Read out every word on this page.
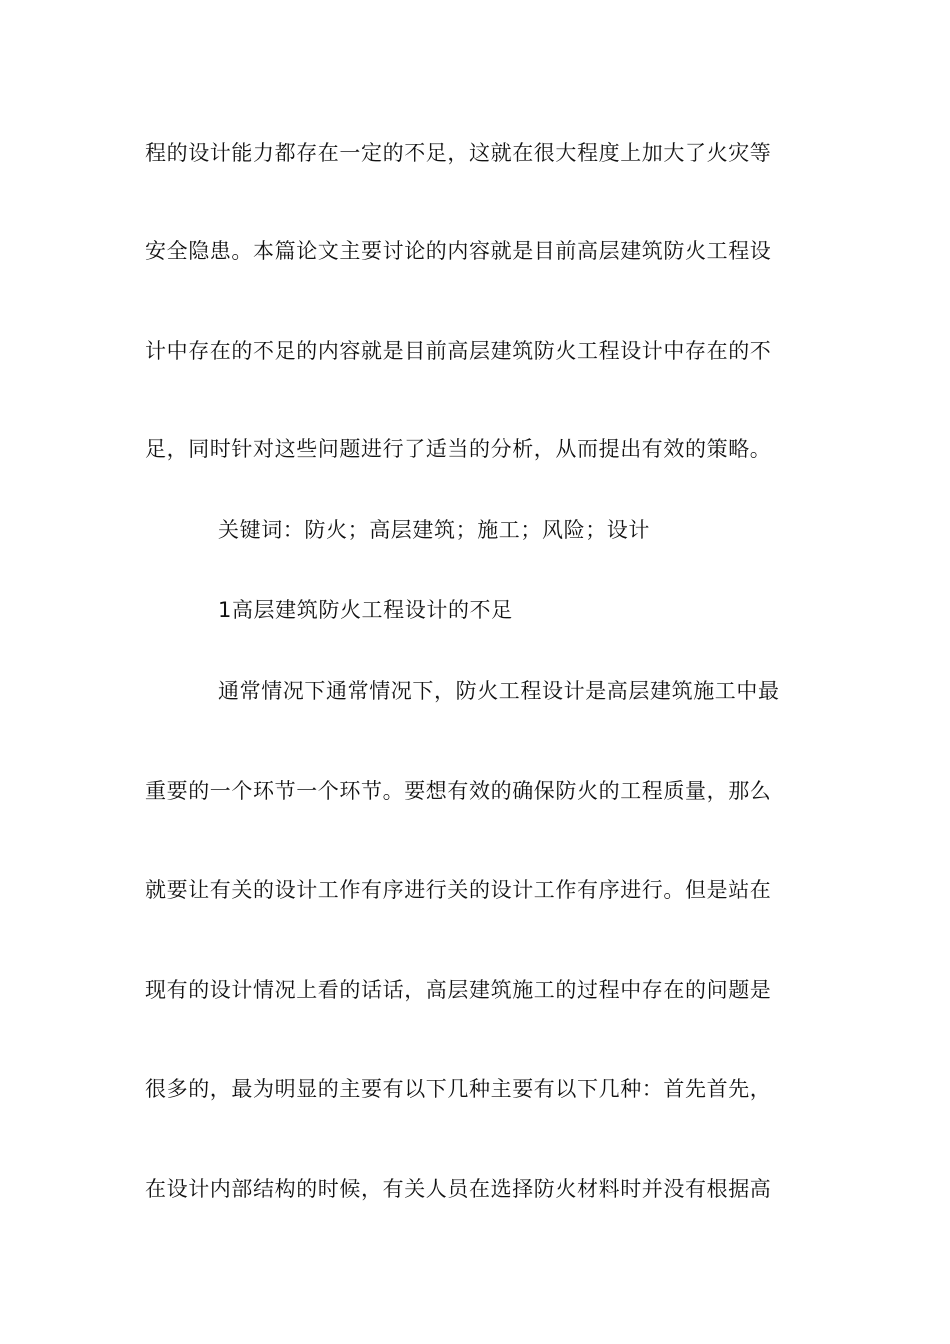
程的设计能力都存在一定的不足，这就在很大程度上加大了火灾等
安全隐患。本篇论文主要讨论的内容就是目前高层建筑防火工程设
计中存在的不足的内容就是目前高层建筑防火工程设计中存在的不
足，同时针对这些问题进行了适当的分析，从而提出有效的策略。
关键词：防火；高层建筑；施工；风险；设计
1高层建筑防火工程设计的不足
通常情况下通常情况下，防火工程设计是高层建筑施工中最
重要的一个环节一个环节。要想有效的确保防火的工程质量，那么
就要让有关的设计工作有序进行关的设计工作有序进行。但是站在
现有的设计情况上看的话话，高层建筑施工的过程中存在的问题是
很多的，最为明显的主要有以下几种主要有以下几种：首先首先，
在设计内部结构的时候，有关人员在选择防火材料时并没有根据高
